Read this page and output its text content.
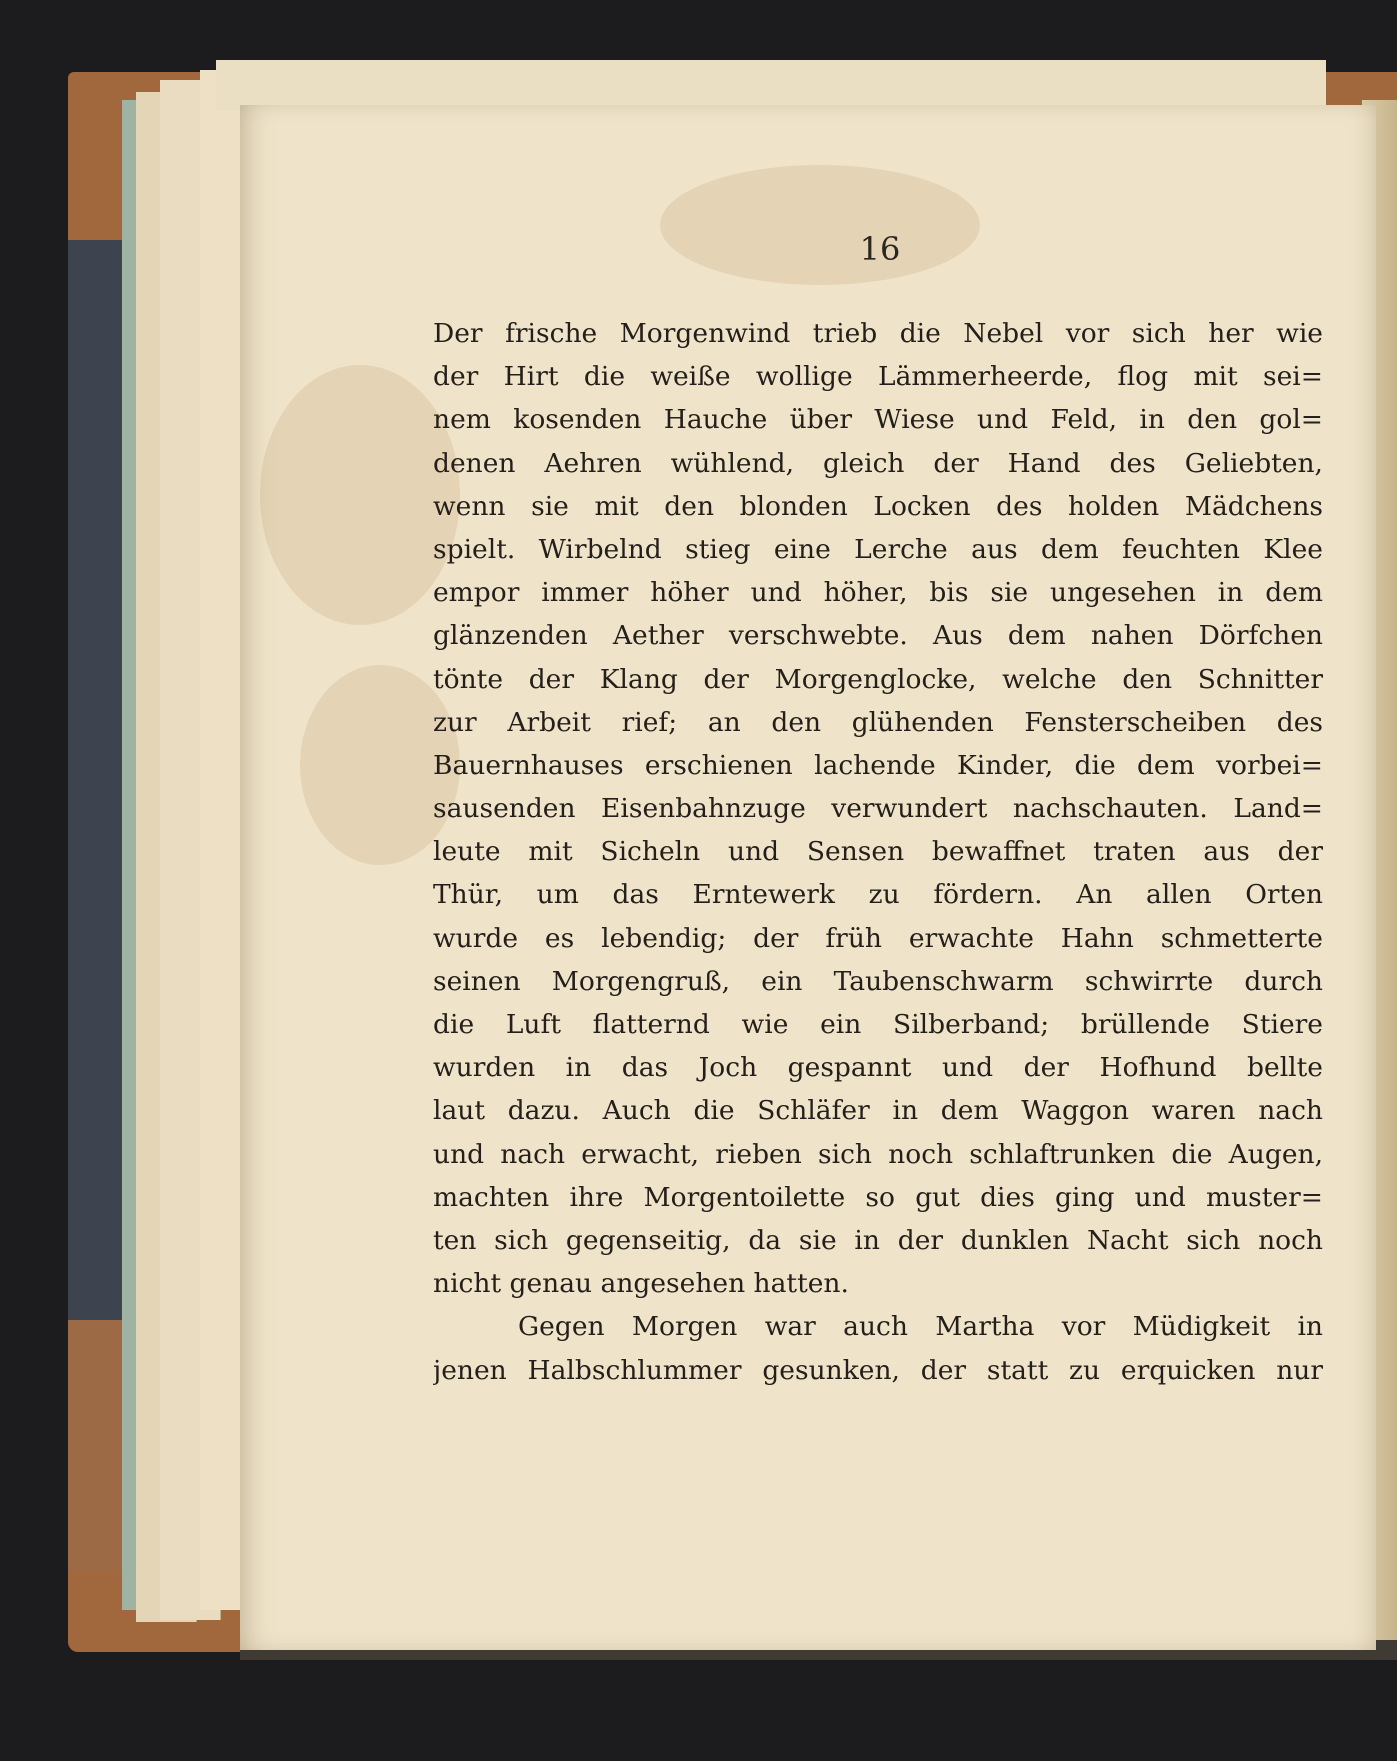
16
Der frische Morgenwind trieb die Nebel vor sich her wie
der Hirt die weiße wollige Lämmerheerde, flog mit sei=
nem kosenden Hauche über Wiese und Feld, in den gol=
denen Aehren wühlend, gleich der Hand des Geliebten,
wenn sie mit den blonden Locken des holden Mädchens
spielt. Wirbelnd stieg eine Lerche aus dem feuchten Klee
empor immer höher und höher, bis sie ungesehen in dem
glänzenden Aether verschwebte. Aus dem nahen Dörfchen
tönte der Klang der Morgenglocke, welche den Schnitter
zur Arbeit rief; an den glühenden Fensterscheiben des
Bauernhauses erschienen lachende Kinder, die dem vorbei=
sausenden Eisenbahnzuge verwundert nachschauten. Land=
leute mit Sicheln und Sensen bewaffnet traten aus der
Thür, um das Erntewerk zu fördern. An allen Orten
wurde es lebendig; der früh erwachte Hahn schmetterte
seinen Morgengruß, ein Taubenschwarm schwirrte durch
die Luft flatternd wie ein Silberband; brüllende Stiere
wurden in das Joch gespannt und der Hofhund bellte
laut dazu. Auch die Schläfer in dem Waggon waren nach
und nach erwacht, rieben sich noch schlaftrunken die Augen,
machten ihre Morgentoilette so gut dies ging und muster=
ten sich gegenseitig, da sie in der dunklen Nacht sich noch
nicht genau angesehen hatten.
Gegen Morgen war auch Martha vor Müdigkeit in
jenen Halbschlummer gesunken, der statt zu erquicken nur
